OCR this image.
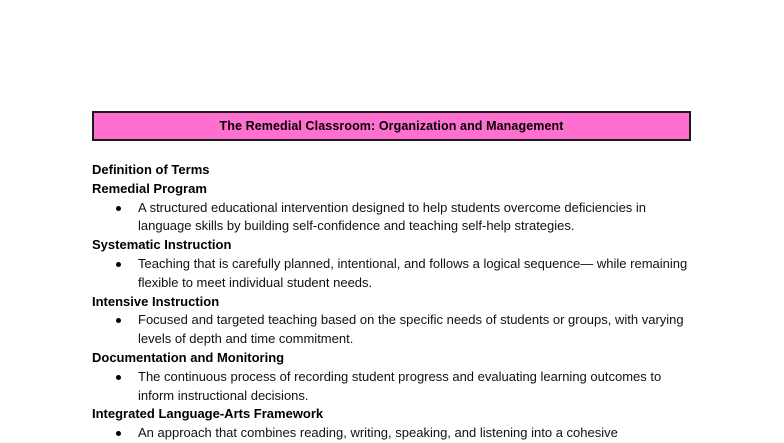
The Remedial Classroom: Organization and Management
Definition of Terms
Remedial Program
A structured educational intervention designed to help students overcome deficiencies in language skills by building self-confidence and teaching self-help strategies.
Systematic Instruction
Teaching that is carefully planned, intentional, and follows a logical sequence— while remaining flexible to meet individual student needs.
Intensive Instruction
Focused and targeted teaching based on the specific needs of students or groups, with varying levels of depth and time commitment.
Documentation and Monitoring
The continuous process of recording student progress and evaluating learning outcomes to inform instructional decisions.
Integrated Language-Arts Framework
An approach that combines reading, writing, speaking, and listening into a cohesive
